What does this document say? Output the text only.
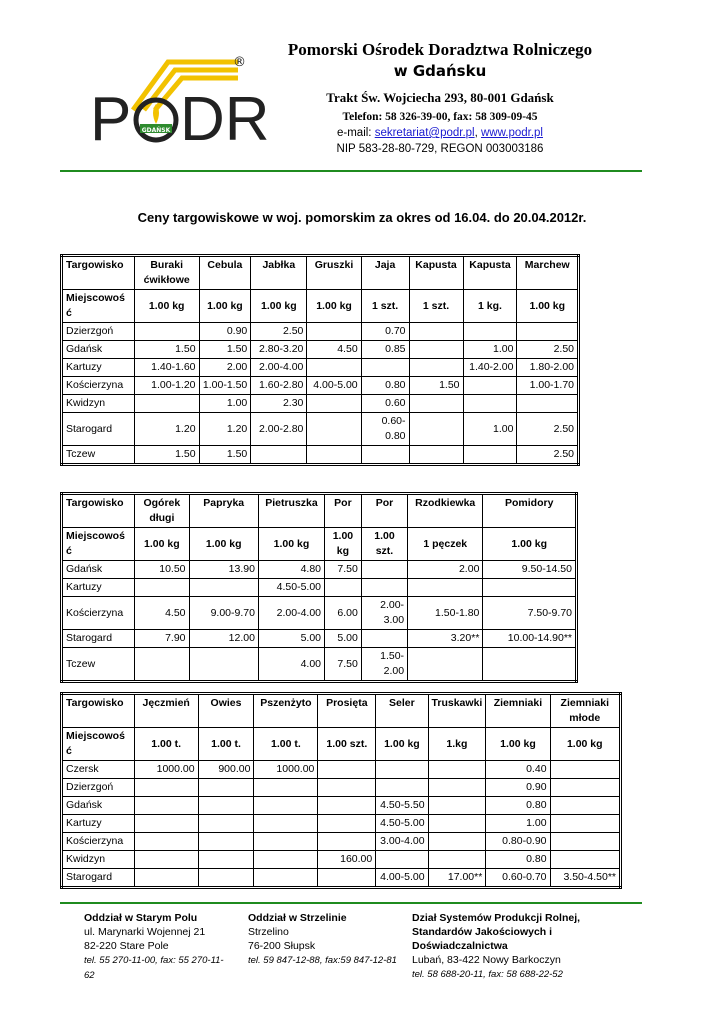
P GDAŃSK DR
®
Pomorski Ośrodek Doradztwa Rolniczego
w Gdańsku
Trakt Św. Wojciecha 293, 80-001 Gdańsk
Telefon: 58 326-39-00, fax: 58 309-09-45
e-mail: sekretariat@podr.pl, www.podr.pl
NIP 583-28-80-729, REGON 003003186
Ceny targowiskowe w woj. pomorskim za okres od 16.04. do 20.04.2012r.
Targowisko	Buraki ćwikłowe	Cebula	Jabłka	Gruszki	Jaja	Kapusta	Kapusta	Marchew
Miejscowoś ć	1.00 kg	1.00 kg	1.00 kg	1.00 kg	1 szt.	1 szt.	1 kg.	1.00 kg
Dzierzgoń		0.90	2.50		0.70			
Gdańsk	1.50	1.50	2.80-3.20	4.50	0.85		1.00	2.50
Kartuzy	1.40-1.60	2.00	2.00-4.00				1.40-2.00	1.80-2.00
Kościerzyna	1.00-1.20	1.00-1.50	1.60-2.80	4.00-5.00	0.80	1.50		1.00-1.70
Kwidzyn		1.00	2.30		0.60			
Starogard	1.20	1.20	2.00-2.80		0.60-0.80		1.00	2.50
Tczew	1.50	1.50						2.50
Targowisko	Ogórek długi	Papryka	Pietruszka	Por	Por	Rzodkiewka	Pomidory
Miejscowoś ć	1.00 kg	1.00 kg	1.00 kg	1.00 kg	1.00 szt.	1 pęczek	1.00 kg
Gdańsk	10.50	13.90	4.80	7.50		2.00	9.50-14.50
Kartuzy			4.50-5.00				
Kościerzyna	4.50	9.00-9.70	2.00-4.00	6.00	2.00-3.00	1.50-1.80	7.50-9.70
Starogard	7.90	12.00	5.00	5.00		3.20**	10.00-14.90**
Tczew			4.00	7.50	1.50-2.00		
Targowisko	Jęczmień	Owies	Pszenżyto	Prosięta	Seler	Truskawki	Ziemniaki	Ziemniaki młode
Miejscowoś ć	1.00 t.	1.00 t.	1.00 t.	1.00 szt.	1.00 kg	1.kg	1.00 kg	1.00 kg
Czersk	1000.00	900.00	1000.00				0.40	
Dzierzgoń							0.90	
Gdańsk					4.50-5.50		0.80	
Kartuzy					4.50-5.00		1.00	
Kościerzyna					3.00-4.00		0.80-0.90	
Kwidzyn				160.00			0.80	
Starogard					4.00-5.00	17.00**	0.60-0.70	3.50-4.50**
Oddział w Starym Polu
ul. Marynarki Wojennej 21
82-220 Stare Pole
tel. 55 270-11-00, fax: 55 270-11-62
Oddział w Strzelinie
Strzelino
76-200 Słupsk
tel. 59 847-12-88, fax:59 847-12-81
Dział Systemów Produkcji Rolnej, Standardów Jakościowych i Doświadczalnictwa
Lubań, 83-422 Nowy Barkoczyn
tel. 58 688-20-11, fax: 58 688-22-52
